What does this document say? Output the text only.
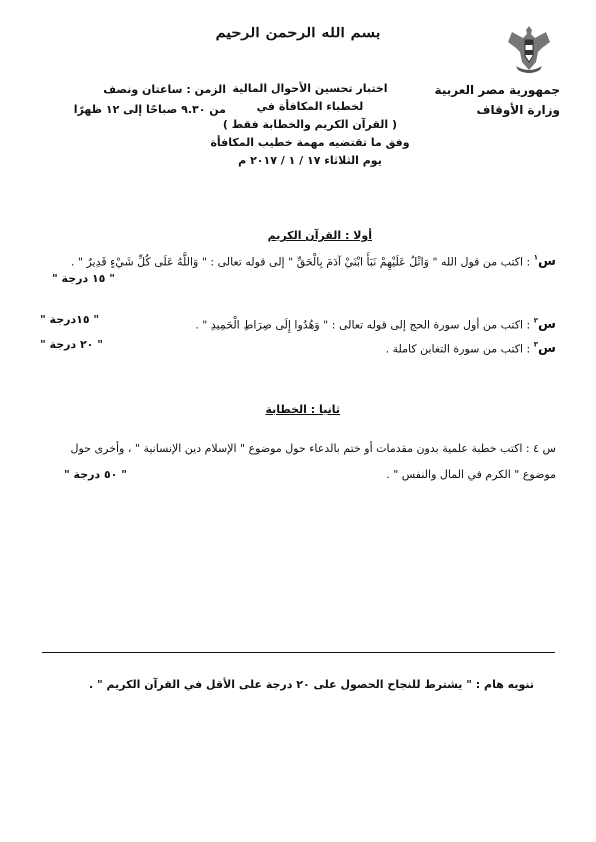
بسم الله الرحمن الرحيم
جمهورية مصر العربية
وزارة الأوقاف
اختبار تحسين الأحوال المالية
لخطباء المكافأة في
( القرآن الكريم والخطابة فقط )
وفق ما تقتضيه مهمة خطيب المكافأة
يوم الثلاثاء ١٧ / ١ / ٢٠١٧ م
الزمن : ساعتان ونصف
من ٩.٣٠ صباحًا إلى ١٢ ظهرًا
أولا : القرآن الكريم
س$^١$ : اكتب من قول الله " وَاتْلُ عَلَيْهِمْ نَبَأَ ابْنَيْ آدَمَ بِالْحَقِّ " إلى قوله تعالى : " وَاللَّهُ عَلَى كُلِّ شَيْءٍ قَدِيرٌ " .
" ١٥ درجة "
س$^٢$ : اكتب من أول سورة الحج إلى قوله تعالى : " وَهُدُوا إِلَى صِرَاطِ الْحَمِيدِ " .
" ١٥درجة "
س$^٣$ : اكتب من سورة التغابن كاملة .
" ٢٠ درجة "
ثانيا : الخطابة
س ٤ : اكتب خطبة علمية بدون مقدمات أو ختم بالدعاء حول موضوع " الإسلام دين الإنسانية " ، وأخرى حول
موضوع " الكرم في المال والنفس " .
" ٥٠ درجة "
تنويه هام : " يشترط للنجاح الحصول على ٢٠ درجة على الأقل في القرآن الكريم " .
